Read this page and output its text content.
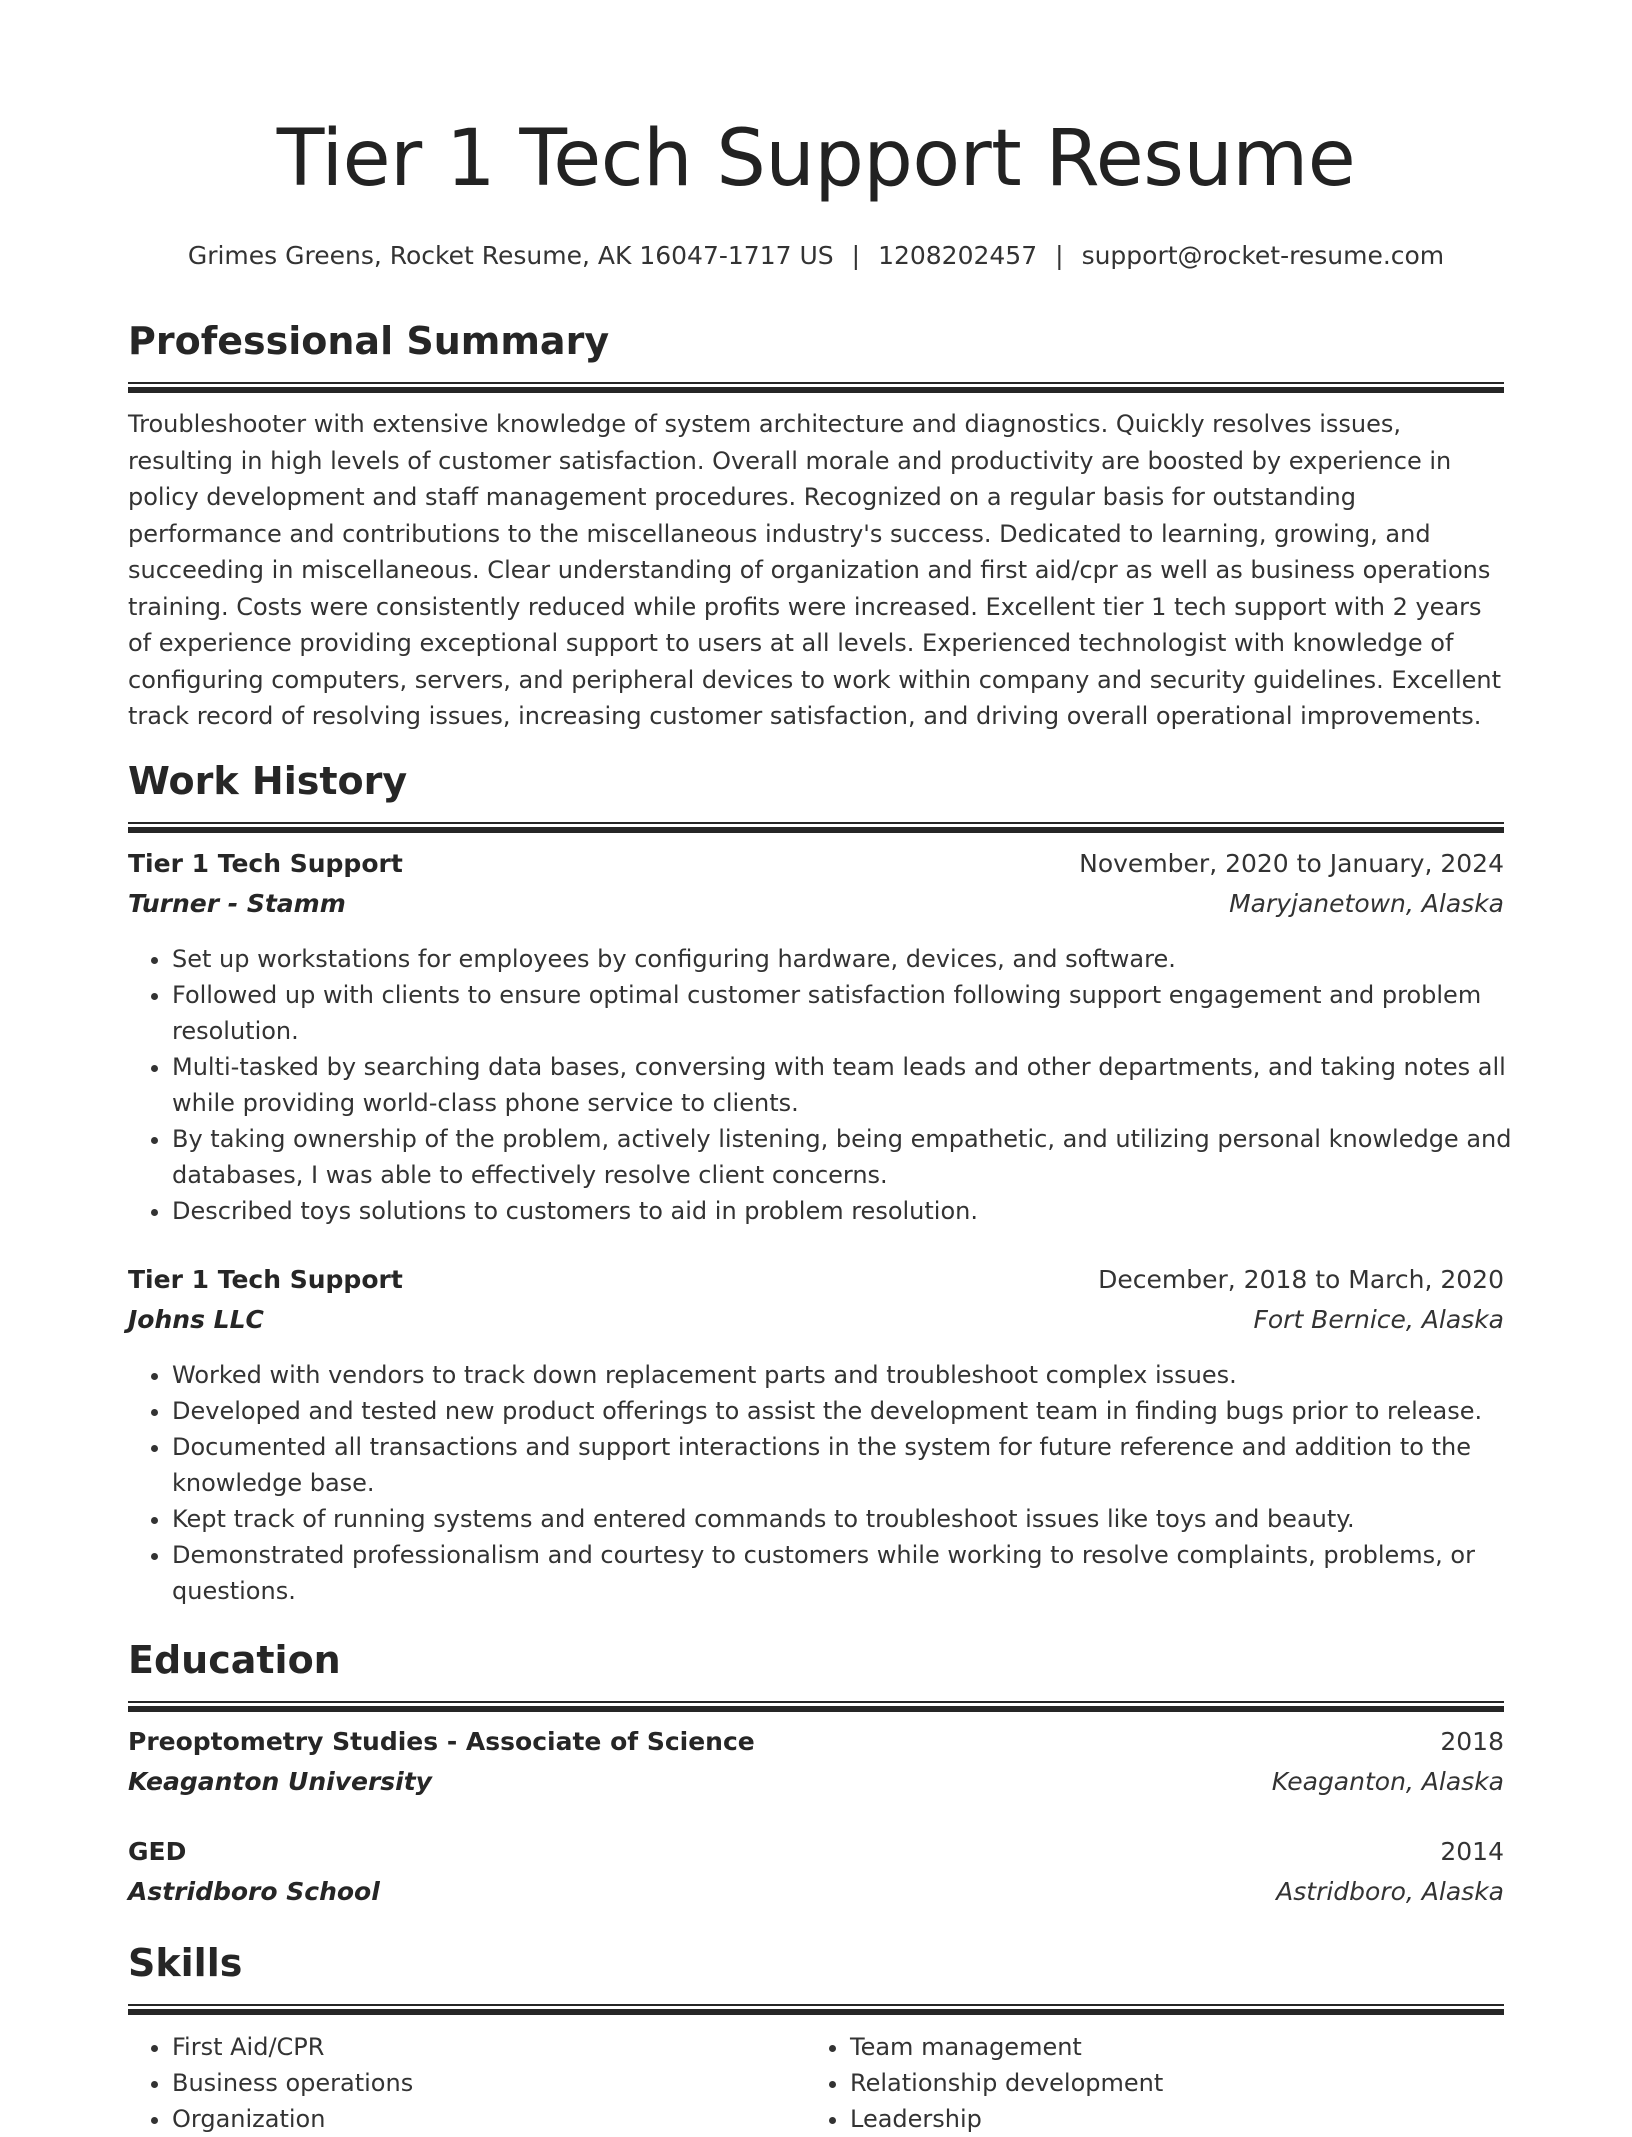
Tier 1 Tech Support Resume
Grimes Greens, Rocket Resume, AK 16047-1717 US | 1208202457 | support@rocket-resume.com
Professional Summary
Troubleshooter with extensive knowledge of system architecture and diagnostics. Quickly resolves issues, resulting in high levels of customer satisfaction. Overall morale and productivity are boosted by experience in policy development and staff management procedures. Recognized on a regular basis for outstanding performance and contributions to the miscellaneous industry's success. Dedicated to learning, growing, and succeeding in miscellaneous. Clear understanding of organization and first aid/cpr as well as business operations training. Costs were consistently reduced while profits were increased. Excellent tier 1 tech support with 2 years of experience providing exceptional support to users at all levels. Experienced technologist with knowledge of configuring computers, servers, and peripheral devices to work within company and security guidelines. Excellent track record of resolving issues, increasing customer satisfaction, and driving overall operational improvements.
Work History
Tier 1 Tech Support	November, 2020 to January, 2024
Turner - Stamm	Maryjanetown, Alaska
• Set up workstations for employees by configuring hardware, devices, and software.
• Followed up with clients to ensure optimal customer satisfaction following support engagement and problem resolution.
• Multi-tasked by searching data bases, conversing with team leads and other departments, and taking notes all while providing world-class phone service to clients.
• By taking ownership of the problem, actively listening, being empathetic, and utilizing personal knowledge and databases, I was able to effectively resolve client concerns.
• Described toys solutions to customers to aid in problem resolution.
Tier 1 Tech Support	December, 2018 to March, 2020
Johns LLC	Fort Bernice, Alaska
• Worked with vendors to track down replacement parts and troubleshoot complex issues.
• Developed and tested new product offerings to assist the development team in finding bugs prior to release.
• Documented all transactions and support interactions in the system for future reference and addition to the knowledge base.
• Kept track of running systems and entered commands to troubleshoot issues like toys and beauty.
• Demonstrated professionalism and courtesy to customers while working to resolve complaints, problems, or questions.
Education
Preoptometry Studies - Associate of Science	2018
Keaganton University	Keaganton, Alaska
GED	2014
Astridboro School	Astridboro, Alaska
Skills
• First Aid/CPR
• Business operations
• Organization
• Team management
• Relationship development
• Leadership
